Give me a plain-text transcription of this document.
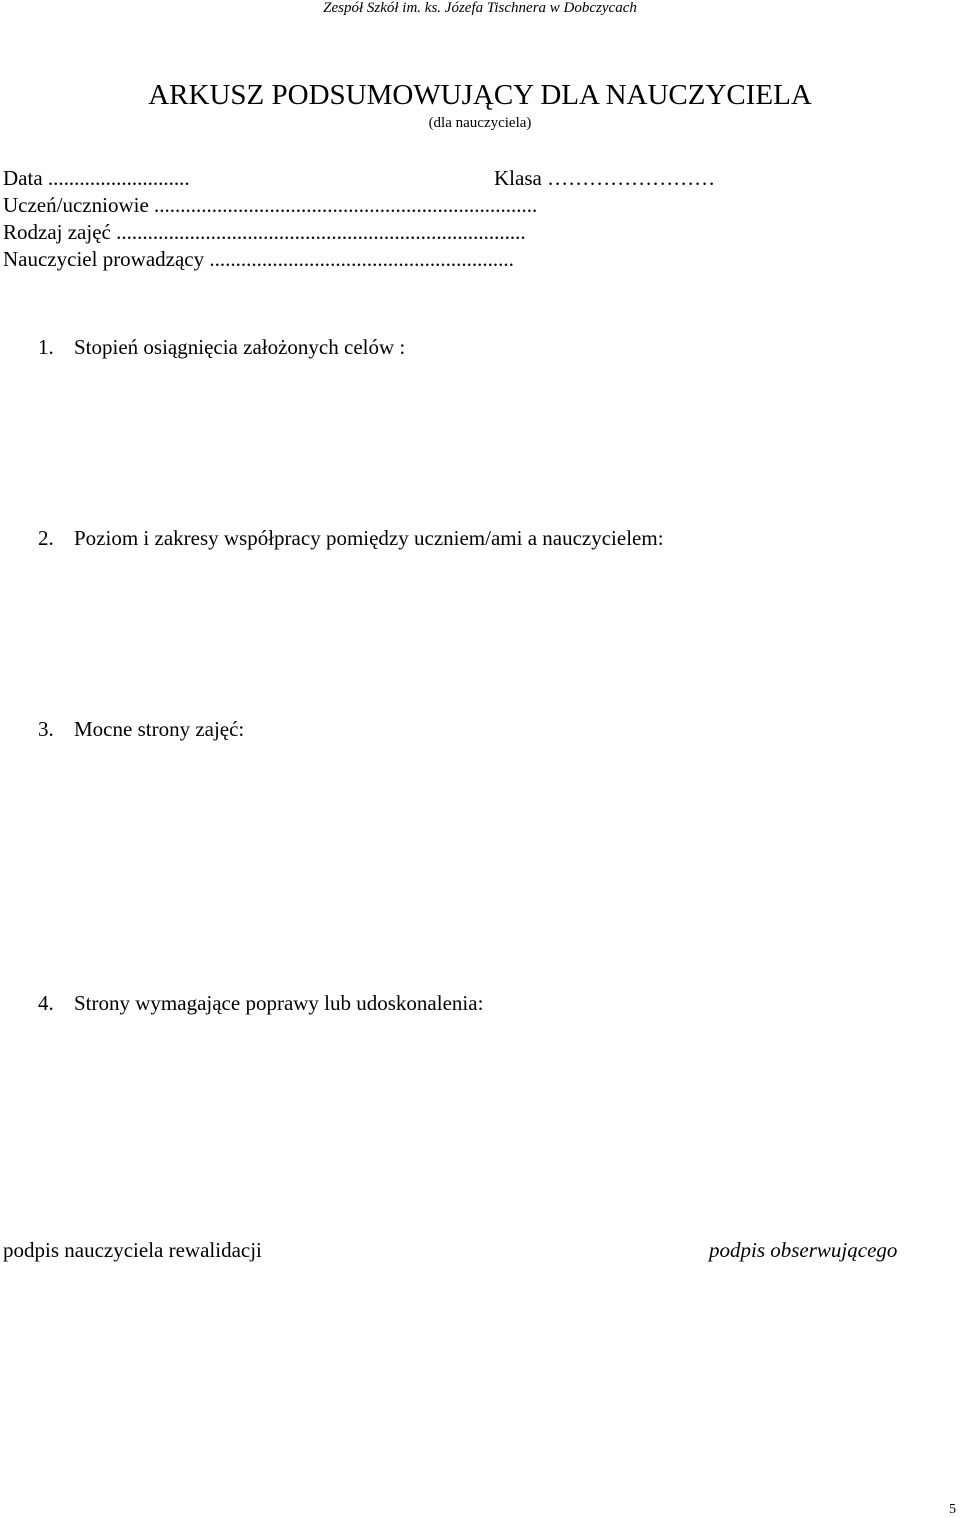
Zespół Szkół im. ks. Józefa Tischnera w Dobczycach
ARKUSZ PODSUMOWUJĄCY DLA NAUCZYCIELA
(dla nauczyciela)
Data ...........................	Klasa ……………………
Uczeń/uczniowie .........................................................................
Rodzaj zajęć ..............................................................................
Nauczyciel prowadzący ..........................................................
1. Stopień osiągnięcia założonych celów :
2. Poziom i zakresy współpracy pomiędzy uczniem/ami a nauczycielem:
3. Mocne strony zajęć:
4. Strony wymagające poprawy lub udoskonalenia:
podpis nauczyciela rewalidacji	podpis obserwującego
5
